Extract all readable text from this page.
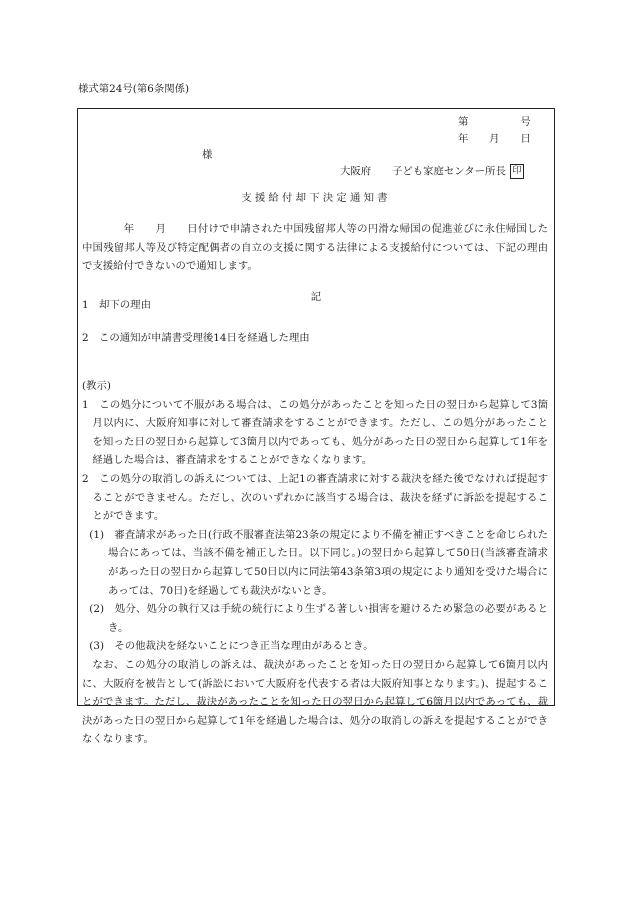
様式第24号(第6条関係)
第　　　　　号
年　　月　　日
様
大阪府　　子ども家庭センター所長 印
支援給付却下決定通知書
年　　月　　日付けで申請された中国残留邦人等の円滑な帰国の促進並びに永住帰国した中国残留邦人等及び特定配偶者の自立の支援に関する法律による支援給付については、下記の理由で支援給付できないので通知します。
記
1　却下の理由
2　この通知が申請書受理後14日を経過した理由

(教示)

1　この処分について不服がある場合は、この処分があったことを知った日の翌日から起算して3箇月以内に、大阪府知事に対して審査請求をすることができます。ただし、この処分があったことを知った日の翌日から起算して3箇月以内であっても、処分があった日の翌日から起算して1年を経過した場合は、審査請求をすることができなくなります。

2　この処分の取消しの訴えについては、上記1の審査請求に対する裁決を経た後でなければ提起することができません。ただし、次のいずれかに該当する場合は、裁決を経ずに訴訟を提起することができます。

(1)　審査請求があった日(行政不服審査法第23条の規定により不備を補正すべきことを命じられた場合にあっては、当該不備を補正した日。以下同じ。)の翌日から起算して50日(当該審査請求があった日の翌日から起算して50日以内に同法第43条第3項の規定により通知を受けた場合にあっては、70日)を経過しても裁決がないとき。

(2)　処分、処分の執行又は手続の続行により生ずる著しい損害を避けるため緊急の必要があるとき。

(3)　その他裁決を経ないことにつき正当な理由があるとき。

なお、この処分の取消しの訴えは、裁決があったことを知った日の翌日から起算して6箇月以内に、大阪府を被告として(訴訟において大阪府を代表する者は大阪府知事となります。)、提起することができます。ただし、裁決があったことを知った日の翌日から起算して6箇月以内であっても、裁決があった日の翌日から起算して1年を経過した場合は、処分の取消しの訴えを提起することができなくなります。
